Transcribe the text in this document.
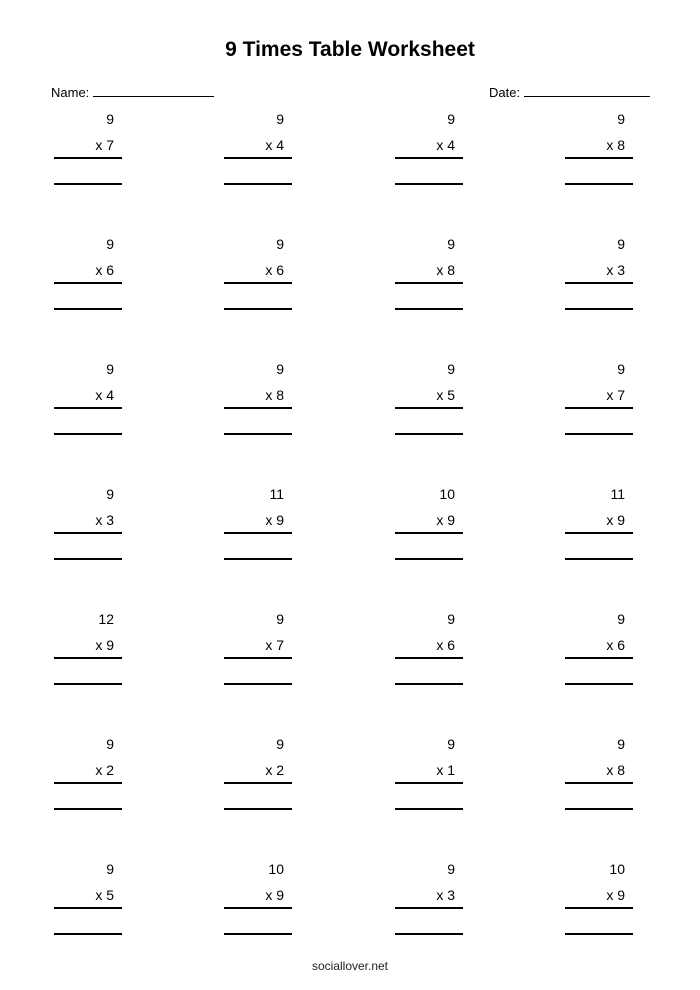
9 Times Table Worksheet
Name:	Date:
9
x 7
9
x 4
9
x 4
9
x 8
9
x 6
9
x 6
9
x 8
9
x 3
9
x 4
9
x 8
9
x 5
9
x 7
9
x 3
11
x 9
10
x 9
11
x 9
12
x 9
9
x 7
9
x 6
9
x 6
9
x 2
9
x 2
9
x 1
9
x 8
9
x 5
10
x 9
9
x 3
10
x 9
sociallover.net
